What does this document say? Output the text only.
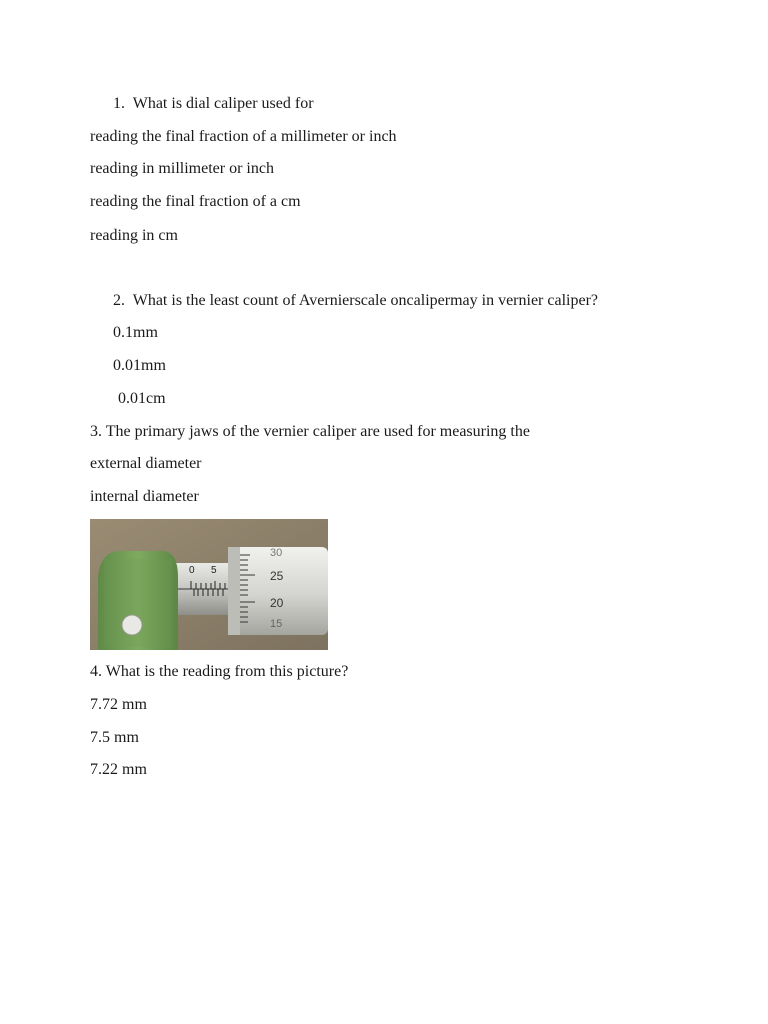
1. What is dial caliper used for
reading the final fraction of a millimeter or inch
reading in millimeter or inch
reading the final fraction of a cm
reading in cm
2. What is the least count of Avernierscale oncalipermay in vernier caliper?
0.1mm
0.01mm
0.01cm
3. The primary jaws of the vernier caliper are used for measuring the
external diameter
internal diameter
0 5
30
25
20
15
4. What is the reading from this picture?
7.72 mm
7.5 mm
7.22 mm
